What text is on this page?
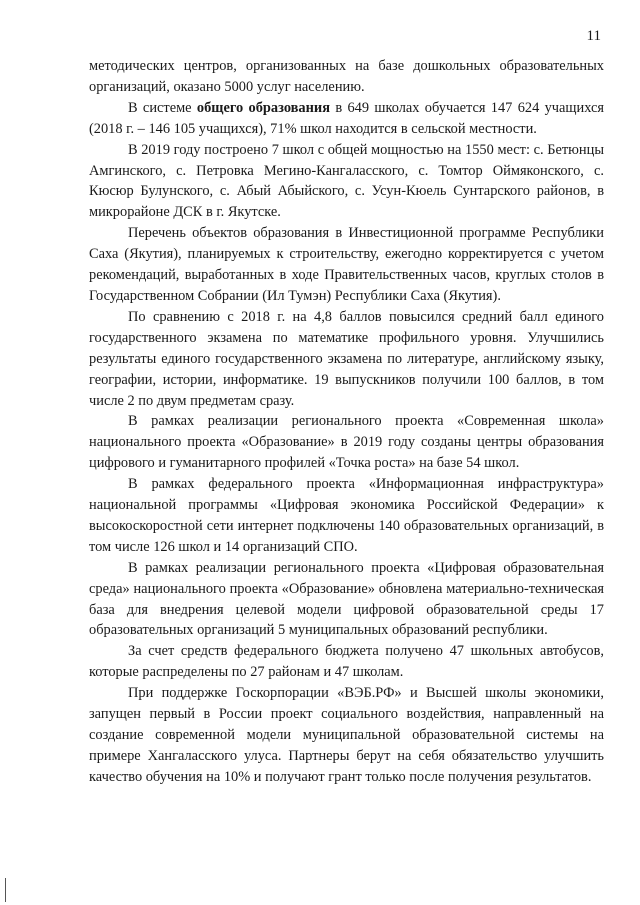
11

методических центров, организованных на базе дошкольных образовательных организаций, оказано 5000 услуг населению.

В системе общего образования в 649 школах обучается 147 624 учащихся (2018 г. – 146 105 учащихся), 71% школ находится в сельской местности.

В 2019 году построено 7 школ с общей мощностью на 1550 мест: с. Бетюнцы Амгинского, с. Петровка Мегино-Кангаласского, с. Томтор Оймяконского, с. Кюсюр Булунского, с. Абый Абыйского, с. Усун-Кюель Сунтарского районов, в микрорайоне ДСК в г. Якутске.

Перечень объектов образования в Инвестиционной программе Республики Саха (Якутия), планируемых к строительству, ежегодно корректируется с учетом рекомендаций, выработанных в ходе Правительственных часов, круглых столов в Государственном Собрании (Ил Тумэн) Республики Саха (Якутия).

По сравнению с 2018 г. на 4,8 баллов повысился средний балл единого государственного экзамена по математике профильного уровня. Улучшились результаты единого государственного экзамена по литературе, английскому языку, географии, истории, информатике. 19 выпускников получили 100 баллов, в том числе 2 по двум предметам сразу.

В рамках реализации регионального проекта «Современная школа» национального проекта «Образование» в 2019 году созданы центры образования цифрового и гуманитарного профилей «Точка роста» на базе 54 школ.

В рамках федерального проекта «Информационная инфраструктура» национальной программы «Цифровая экономика Российской Федерации» к высокоскоростной сети интернет подключены 140 образовательных организаций, в том числе 126 школ и 14 организаций СПО.

В рамках реализации регионального проекта «Цифровая образовательная среда» национального проекта «Образование» обновлена материально-техническая база для внедрения целевой модели цифровой образовательной среды 17 образовательных организаций 5 муниципальных образований республики.

За счет средств федерального бюджета получено 47 школьных автобусов, которые распределены по 27 районам и 47 школам.

При поддержке Госкорпорации «ВЭБ.РФ» и Высшей школы экономики, запущен первый в России проект социального воздействия, направленный на создание современной модели муниципальной образовательной системы на примере Хангаласского улуса. Партнеры берут на себя обязательство улучшить качество обучения на 10% и получают грант только после получения результатов.
